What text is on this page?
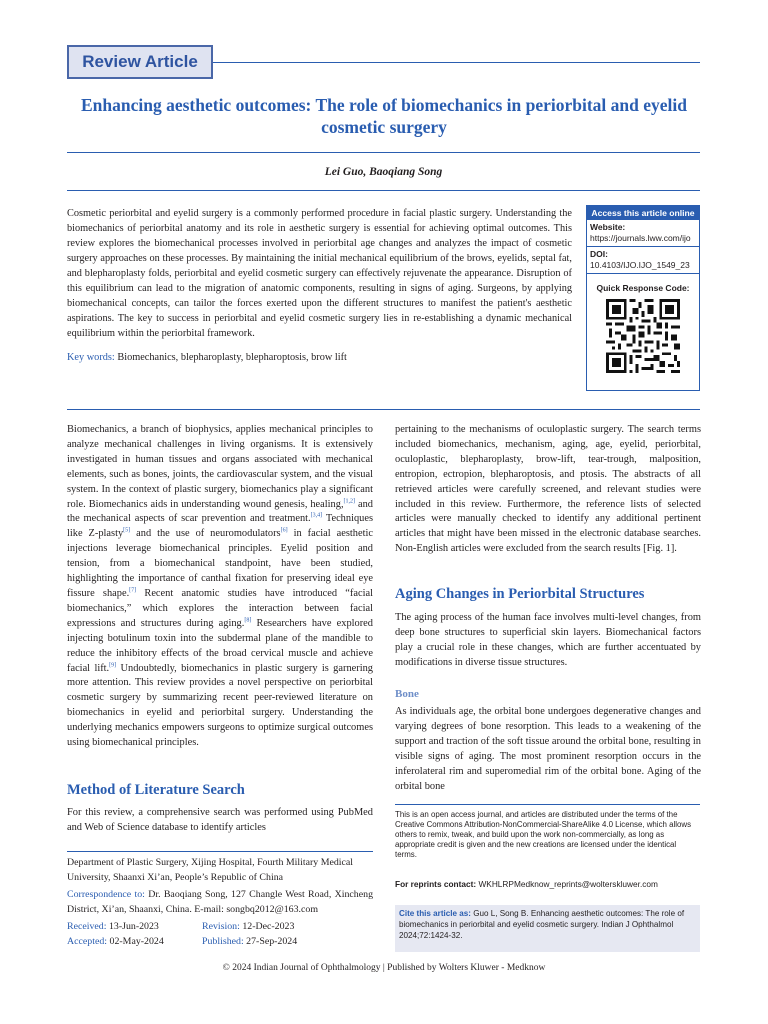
Review Article
Enhancing aesthetic outcomes: The role of biomechanics in periorbital and eyelid cosmetic surgery
Lei Guo, Baoqiang Song
Cosmetic periorbital and eyelid surgery is a commonly performed procedure in facial plastic surgery. Understanding the biomechanics of periorbital anatomy and its role in aesthetic surgery is essential for achieving optimal outcomes. This review explores the biomechanical processes involved in periorbital age changes and analyzes the impact of cosmetic surgery approaches on these processes. By maintaining the initial mechanical equilibrium of the brows, eyelids, septal fat, and blepharoplasty folds, periorbital and eyelid cosmetic surgery can effectively rejuvenate the appearance. Disruption of this equilibrium can lead to the migration of anatomic components, resulting in signs of aging. Surgeons, by applying biomechanical concepts, can tailor the forces exerted upon the different structures to manifest the patient's aesthetic aspirations. The key to success in periorbital and eyelid cosmetic surgery lies in re-establishing a dynamic mechanical equilibrium within the periorbital framework.
Key words: Biomechanics, blepharoplasty, blepharoptosis, brow lift
Access this article online
Website:
https://journals.lww.com/ijo
DOI:
10.4103/IJO.IJO_1549_23
Quick Response Code:

Biomechanics, a branch of biophysics, applies mechanical principles to analyze mechanical challenges in living organisms. It is extensively investigated in human tissues and organs associated with mechanical elements, such as bones, joints, the cardiovascular system, and the visual system. In the context of plastic surgery, biomechanics play a significant role. Biomechanics aids in understanding wound genesis, healing,[1,2] and the mechanical aspects of scar prevention and treatment.[3,4] Techniques like Z-plasty[5] and the use of neuromodulators[6] in facial aesthetic injections leverage biomechanical principles. Eyelid position and tension, from a biomechanical standpoint, have been studied, highlighting the importance of canthal fixation for preserving ideal eye fissure shape.[7] Recent anatomic studies have introduced “facial biomechanics,” which explores the interaction between facial expressions and structures during aging.[8] Researchers have explored injecting botulinum toxin into the subdermal plane of the mandible to reduce the inhibitory effects of the broad cervical muscle and achieve facial lift.[9] Undoubtedly, biomechanics in plastic surgery is garnering more attention. This review provides a novel perspective on periorbital cosmetic surgery by summarizing recent peer-reviewed literature on biomechanics in eyelid and periorbital surgery. Understanding the underlying mechanics empowers surgeons to optimize surgical outcomes using biomechanical principles.

Method of Literature Search
For this review, a comprehensive search was performed using PubMed and Web of Science database to identify articles
pertaining to the mechanisms of oculoplastic surgery. The search terms included biomechanics, mechanism, aging, age, eyelid, periorbital, oculoplastic, blepharoplasty, brow-lift, tear-trough, malposition, entropion, ectropion, blepharoptosis, and ptosis. The abstracts of all retrieved articles were carefully screened, and relevant studies were included in this review. Furthermore, the reference lists of selected articles were manually checked to identify any additional pertinent articles that might have been missed in the electronic database searches. Non-English articles were excluded from the search results [Fig. 1].
Aging Changes in Periorbital Structures
The aging process of the human face involves multi-level changes, from deep bone structures to superficial skin layers. Biomechanical factors play a crucial role in these changes, which are further accentuated by modifications in diverse tissue structures.
Bone
As individuals age, the orbital bone undergoes degenerative changes and varying degrees of bone resorption. This leads to a weakening of the support and traction of the soft tissue around the orbital bone, resulting in visible signs of aging. The most prominent resorption occurs in the inferolateral rim and superomedial rim of the orbital bone. Aging of the orbital bone
This is an open access journal, and articles are distributed under the terms of the Creative Commons Attribution-NonCommercial-ShareAlike 4.0 License, which allows others to remix, tweak, and build upon the work non-commercially, as long as appropriate credit is given and the new creations are licensed under the identical terms.
For reprints contact: WKHLRPMedknow_reprints@wolterskluwer.com
Cite this article as: Guo L, Song B. Enhancing aesthetic outcomes: The role of biomechanics in periorbital and eyelid cosmetic surgery. Indian J Ophthalmol 2024;72:1424-32.
Department of Plastic Surgery, Xijing Hospital, Fourth Military Medical University, Shaanxi Xi’an, People’s Republic of China
Correspondence to: Dr. Baoqiang Song, 127 Changle West Road, Xincheng District, Xi’an, Shaanxi, China. E-mail: songbq2012@163.com
Received: 13-Jun-2023	Revision: 12-Dec-2023
Accepted: 02-May-2024	Published: 27-Sep-2024
© 2024 Indian Journal of Ophthalmology | Published by Wolters Kluwer - Medknow
